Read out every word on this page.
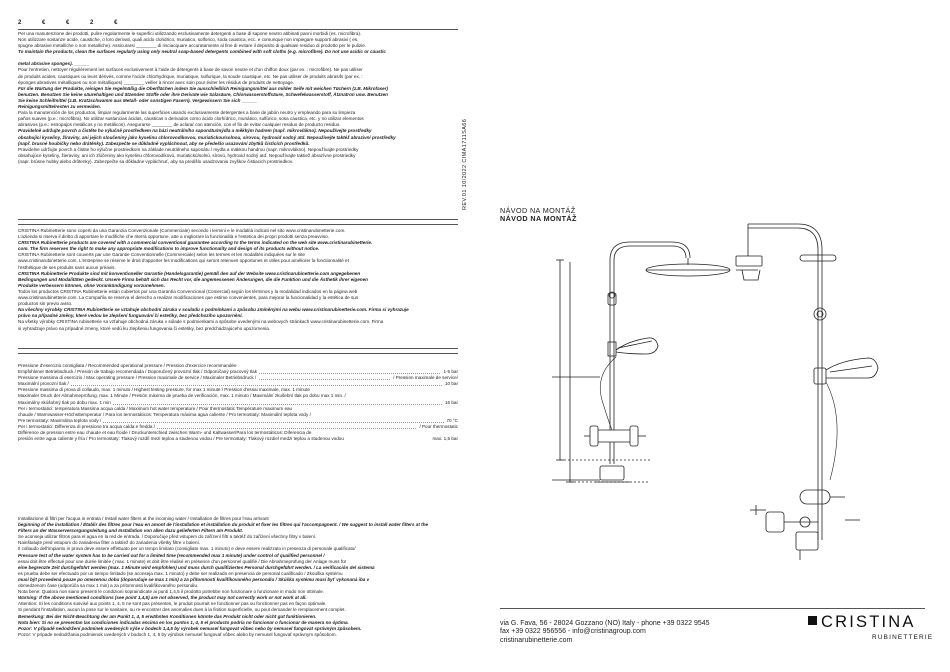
2	€	€	2	€

Per una manutenzione dei prodotti, pulire regolarmente le superfici utilizzando esclusivamente detergenti a base di sapone neutro abbinati panni morbidi (es. microfibra).

Non utilizzare sostanze acide, caustiche, o loro derivati, quali acido cloridrico, muriatico, solforico, soda caustica, ecc. e comunque non impiegare supporti abrasivi ( es.

spugne abrasive metalliche o non metalliche). Assicurarsi ________ di risciacquare accuratamente al fine di evitare il deposito di qualsiasi residuo di prodotto per le pulizie.

To maintain the products, clean the surfaces regularly using only neutral soap-based detergents combined with soft cloths (e.g. microfibre). Do not use acidic or caustic

metal abrasive sponges). ______

Pour l'entretien, nettoyer régulièrement les surfaces exclusivement à l'aide de détergents à base de savon neutre et d'un chiffon doux (par ex. : microfibre). Ne pas utiliser

de produits acides, caustiques ou leurs dérivés, comme l'acide chlorhydrique, muriatique, sulfurique, la soude caustique, etc. Ne pas utiliser de produits abrasifs (par ex. :

éponges abrasives métalliques ou non métalliques) ________ veiller à rincer avec soin pour éviter les résidus de produits de nettoyage.

Für die Wartung der Produkte, reinigen Sie regelmäßig die Oberflächen indem Sie ausschließlich Reinigungsmittel aus milder Seife mit weichen Tüchern (z.B. Mikrofaser)

benutzen. Benutzen Sie keine säurehaltigen und ätzenden Stoffe oder ihre Derivate wie Salzsäure, Chlorwasserstoffsäure, Schwefelwasserstoff, Ätznatron usw. Benutzen

Sie keine Schleifmittel (z.B. Kratzschwamm aus Metall- oder sonstigen Fasern). Vergewissern Sie sich ______

Reinigungsmittelresten zu vermeiden.

Para la manutención de los productos, limpiar regularmente las superficies usando exclusivamente detergentes a base de jabón neutro y empleando para su limpieza

paños suaves (p.e.: microfibra). No utilizar sustancias ácidas, cáusticas o derivados como ácido clorhídrico, muriático, sulfúrico, sosa cáustica, etc. y no utilizar elementos

abrasivos (p.e.: estropajos metálicos y no metálicos). Asegurarse ________ de aclarar con atención, con el fin de evitar cualquier residuo de producto residuo.

Pravidelně udržujte povrch a čistěte ho výlučně prostředkem na bázi neutrálního saponátu/mýdla a měkkým hadrem (např. mikrovlákno). Nepoužívejte prostředky

obsahující kyseliny, žíraviny, ani jejich sloučeniny jako kyselinu chlorovodíkovou, muriatickou/solnou, sírovou, hydroxid sodný atd. Nepoužívejte taktéž abrazivní prostředky

(např. brusné houbičky nebo drátěnky). Zabezpečte se důkladně vypláchnout, aby se předešlo usazování zbytků čisticích prostředků.

Pravidelne udržujte povrch a čistite ho výlučne prostriedkom na základe neutrálneho saponátu / mydla a mäkkou handrou (napr. mikrovlákno). Nepoužívajte prostriedky

obsahujúce kyseliny, žieraviny, ani ich zlúčeniny ako kyselinu chlorovodíkovú, muriatickú/solnú, sírovú, hydroxid sodný atď. Nepoužívajte taktiež abrazívne prostriedky

(napr. brúsne hubky alebo drôtenky). Zabezpečte sa dôkladne vypláchnuť, aby sa predišlo usadzovaniu zvyškov čistiacich prostriedkov.	REV.01 10/2022 CIMA1711SA66

CRISTINA Rubinetterie sono coperti da una Garanzia Convenzionale (Commerciale) secondo i termini e le modalità indicati nel sito www.cristinarubinetterie.com.

L'azienda si riserva il diritto di apportare le modifiche che riterrà opportune, atte a migliorare la funzionalità e l'estetica dei propri prodotti senza preavviso.

CRISTINA Rubinetterie products are covered with a commercial conventional guarantee according to the terms indicated on the web site www.cristinarubinetterie.

com. The firm reserves the right to make any appropriate modifications to improve functionality and design of its products without notice.

CRISTINA Rubinetterie sont couverts par une Garantie Conventionnelle (Commerciale) selon les termes et les modalités indiquées sur le site

www.cristinarubinetterie.com. L'entreprise se réserve le droit d'apporter les modifications qui seront retenues opportunes et utiles pour améliorer la fonctionnalité et

l'esthétique de ses produits sans aucun préavis.

CRISTINA Rubinetterie Produkte sind mit konventioneller Garantie (Handelsgarantie) gemäß den auf der Website www.cristinarubinetterie.com angegebenen

Bedingungen und Modalitäten gedeckt. Unsere Firma behält sich das Recht vor, die angemessenen Änderungen, die die Funktion und die Ästhetik ihrer eigenen

Produkte verbessern können, ohne Vorankündigung vorzunehmen.

Todos los productos CRISTINA Rubinetterie están cubiertos por una Garantía Convencional (Comercial) según los términos y la modalidad indicados en la página web

www.cristinarubinetterie.com. La Compañía se reserva el derecho a realizar modificaciones que estime convenientes, para mejorar la funcionalidad y la estética de sus

productos sin previo aviso.

Na všechny výrobky CRISTINA Rubinetterie se vztahuje obchodní záruka v souladu s podmínkami a způsobu zmíněnými na webu www.cristinarubinetterie.com. Firma si vyhrazuje

právo na případné změny, které vedou ke zlepšení funguování či estetiky, bez předchozího upozornění.

Na všetky výrobky CRISTINA rubinetterie sa vzťahuje obchodná záruka v súlade s podmienkami a spôsobe uvedenými na webovych stránkach www.cristinarubinetterie.com. Firma

si vyhradzuje právo na prípadné zmeny, ktoré vedú ku zlepšeniu fungovania či estetiky, bez predchádzajúceho upozornenia.

Pressione d'esercizio consigliata / Recommended operational pressure / Pression d'exercice recommandée
Empfohlener Betriebsdruck / Presión de trabajo recomendada / Doporučený provozní tlak / Odporúčaný pracovný tlak	1-5 bar
Pressione massima di esercizio / Max operating pressure / Pression maximale de service / Maximaler Betriebsdruck /	/ Pression maximale de service/
Maximální provozní tlak /	10 bar
Pressione massima di prova di collaudo, max. 1 minuto / Highest testing pressure, for max 1 minute / Pression d'essai maximale, max. 1 minute
Maximaler Druck der Abnahmeprüfung, max. 1 Minute / Presión máxima de prueba de verificación, max. 1 minuto / Maximální zkušební tlak po dobu max 1 min. /
Maximálny skúšobný tlak po dobu max. 1 min	16 bar
Per i termostatici: temperatura Massima acqua calda / Maximum hot water temperature / Pour thermostatic Température maximum eau
chaude / Warmwasser-Höchsttemperatur / Para los termostáticos: Temperatura máxima agua caliente / Pro termostaty: Maximální teplota vody /
Pre termostaty: Maximálna teplota vody /	70 °C
Per i termostatici: Differenza di pressione tra acqua calda e fredda /	/ Pour thermostatic
Différence de pression entre eau chaude et eau froide / Druckunterschied zwischen Warm- und Kaltwasser/Para los termostáticos: Diferencia de
presión entre agua caliente y fría / Pro termostaty: Tlakový rozdíl mezi teplou a studenou vodou / Pre termostaty: Tlakový rozdiel medzi teplou a studenou vodou	max. 1,5 bar

Installazione di filtri per l'acqua in entrata / Install water filters at the incoming water / Installation de filtres pour l'eau arrivant

beginning of the installation / Établir des filtres pour l'eau en amont de l'installation et installation du produit et fixer les filtres qui l'accompagnent. / We suggest to install water filters at the

Filters an der Wasserversorgungsleitung und Installation von allen dazu gelieferten Filtern am Produkt.

Se aconseja utilizar filtros para el agua en la red de entrada. / Doporučuje před vstupem do zařízení filtr a taktéž do zařízení všechny filtry v balení.

Nainštalujte pred vstupom do zariadenia filter a taktiež do zariadenia všetky filtre v balení.

Il collaudo dell'impianto in prova deve essere effettuato per un tempo limitato (consigliato max. 1 minuto) e deve essere realizzato in presenza di personale qualificato/

Pressure test of the water system has to be carried out for a limited time (recommended max 1 minute) under control of qualified personnel /

essai doit être effectué pour une durée limitée ( max. 1 minute) et doit être réalisé en présence d'un personnel qualifié / Die Abnahmeprüfung der Anlage muss für

eine begrenzte Zeit durchgeführt werden (max. 1 Minute wird empfohlen) und muss durch qualifiziertes Personal durchgeführt werden. / La verificación del sistema

es prueba debe ser efectuado por un tiempo limitado (se aconseja max. 1 minuto) y debe ser realizado en presencia de personal cualificado / Zkouška systému

musí být provedená pouze po omezenou dobu (doporučuje se max 1 min) a za přítomnosti kvalifikovaného personálu / Skúška systému musí byť vykonaná iba v

obmedzenom čase (odporúča sa max 1 min) a za prítomnosti kvalifikovaného personálu.

Nota bene: Qualora non siano presenti le condizioni sopraindicate ai punti 1,4,5 il prodotto potrebbe non funzionare o funzionare in modo non ottimale.

Warning: If the above mentioned conditions (see point 1,4,5) are not observed, the product may not correctly work or not work at all.

Attention: Si les conditions susvisé aux points 1, 4, 5 ne sont pas présentes, le produit pourrait ne fonctionner pas ou fonctionner pas en façon optimale.

Si pendant l'installation, aucun la pose sur le sanitaire, ou re-encontrer des anomalies dues à la finition superficielle, ou peut demander le remplacement complet.

Bemerkung: Bei der Nicht-Beachtung der am Punkt 1, 4, 5 erwähnten Konditionen könnte das Produkt nicht oder nicht gut funktionieren.

Nota bien: Si no se presentan las condiciones indicadas encima en los puntos 1, 4, 5 el producto podría no funcionar o funcionar de manera no óptima.

Pozor: V případě nedodržení podmínek uvedených výše v bodech 1,4,5 by výrobek nemusel fungovat vůbec nebo by nemusel fungovat správným způsobem.

Pozor: V prípade nedodržania podmienok uvedených v bodoch 1, 4, 5 by výrobok nemusel fungovať vôbec alebo by nemusel fungovať správnym spôsobom.

NÁVOD NA MONTÁŽ
NÁVOD NA MONTÁŽ
via G. Fava, 56 - 28024 Gozzano (NO) Italy - phone +39 0322 9545
fax +39 0322 956556 - info@cristinagroup.com
cristinarubinetterie.com
CRISTINA
RUBINETTERIE
